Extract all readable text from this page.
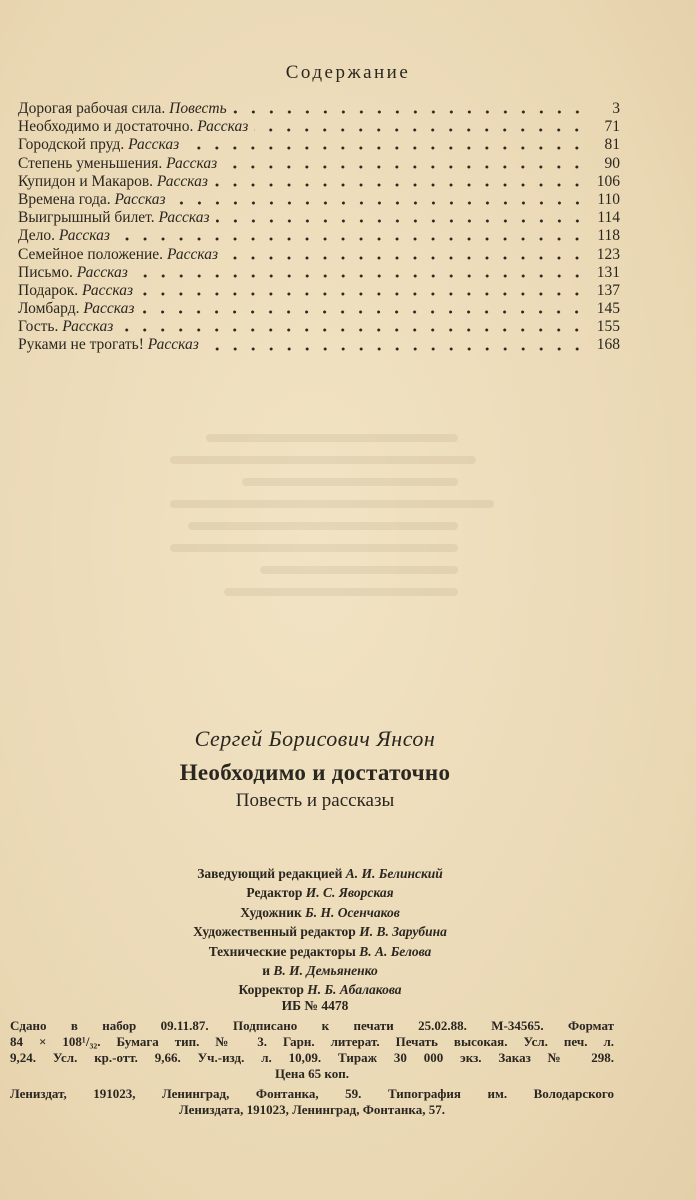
Содержание
Дорогая рабочая сила. Повесть	3
Необходимо и достаточно. Рассказ	71
Городской пруд. Рассказ	81
Степень уменьшения. Рассказ	90
Купидон и Макаров. Рассказ	106
Времена года. Рассказ	110
Выигрышный билет. Рассказ	114
Дело. Рассказ	118
Семейное положение. Рассказ	123
Письмо. Рассказ	131
Подарок. Рассказ	137
Ломбард. Рассказ	145
Гость. Рассказ	155
Руками не трогать! Рассказ	168
Сергей Борисович Янсон
Необходимо и достаточно
Повесть и рассказы
Заведующий редакцией А. И. Белинский
Редактор И. С. Яворская
Художник Б. Н. Осенчаков
Художественный редактор И. В. Зарубина
Технические редакторы В. А. Белова
и В. И. Демьяненко
Корректор Н. Б. Абалакова
ИБ № 4478
Сдано в набор 09.11.87. Подписано к печати 25.02.88. М-34565. Формат
84 × 108¹/₃₂. Бумага тип. № 3. Гарн. литерат. Печать высокая. Усл. печ. л.
9,24. Усл. кр.-отт. 9,66. Уч.-изд. л. 10,09. Тираж 30 000 экз. Заказ № 298.
Цена 65 коп.
Лениздат, 191023, Ленинград, Фонтанка, 59. Типография им. Володарского
Лениздата, 191023, Ленинград, Фонтанка, 57.
